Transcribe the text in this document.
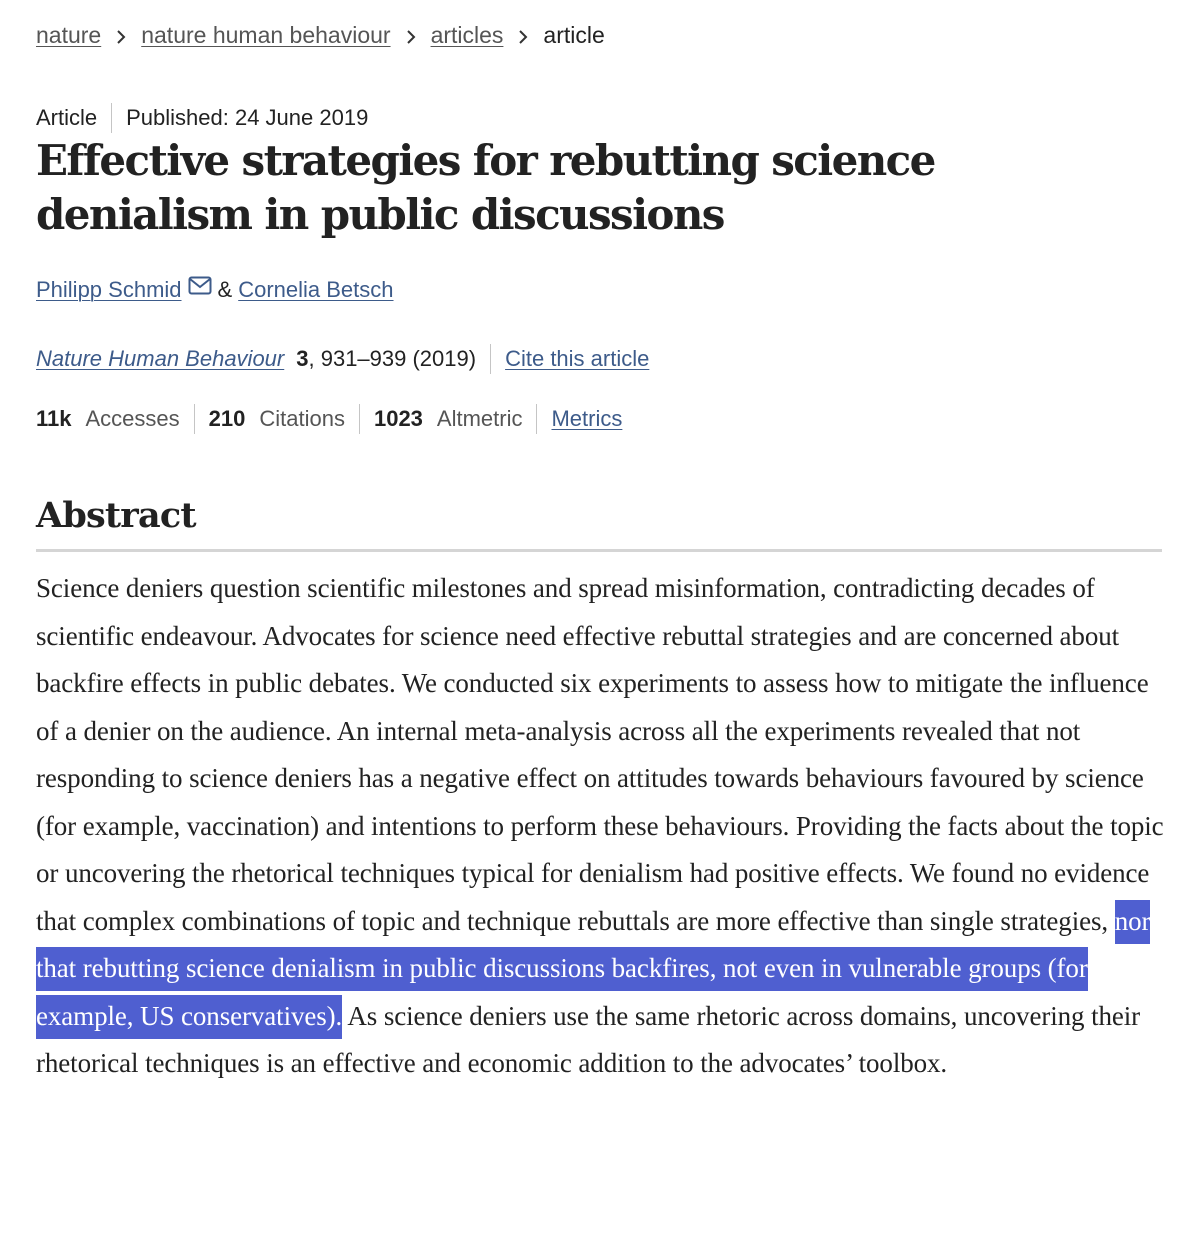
nature nature human behaviour articles article
Article Published: 24 June 2019
Effective strategies for rebutting science denialism in public discussions
Philipp Schmid & Cornelia Betsch
Nature Human Behaviour 3 , 931–939 (2019) Cite this article
11k Accesses 210 Citations 1023 Altmetric Metrics
Abstract

Science deniers question scientific milestones and spread misinformation, contradicting decades of scientific endeavour. Advocates for science need effective rebuttal strategies and are concerned about backfire effects in public debates. We conducted six experiments to assess how to mitigate the influence of a denier on the audience. An internal meta-analysis across all the experiments revealed that not responding to science deniers has a negative effect on attitudes towards behaviours favoured by science (for example, vaccination) and intentions to perform these behaviours. Providing the facts about the topic or uncovering the rhetorical techniques typical for denialism had positive effects. We found no evidence that complex combinations of topic and technique rebuttals are more effective than single strategies, nor that rebutting science denialism in public discussions backfires, not even in vulnerable groups (for example, US conservatives). As science deniers use the same rhetoric across domains, uncovering their rhetorical techniques is an effective and economic addition to the advocates’ toolbox.
